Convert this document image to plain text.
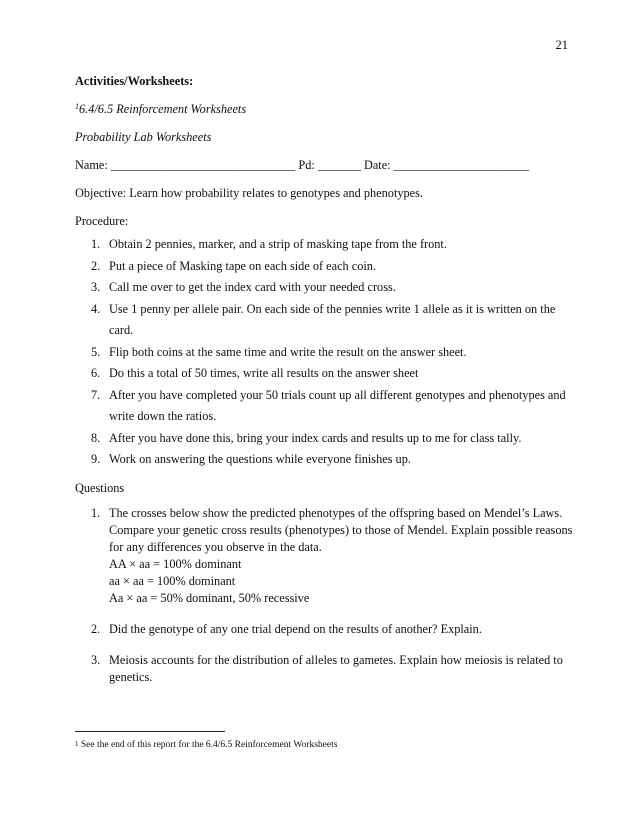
21
Activities/Worksheets:
$^1$6.4/6.5 Reinforcement Worksheets
Probability Lab Worksheets
Name: ______________________________ Pd: _______ Date: ______________________
Objective: Learn how probability relates to genotypes and phenotypes.
Procedure:
1. Obtain 2 pennies, marker, and a strip of masking tape from the front.
2. Put a piece of Masking tape on each side of each coin.
3. Call me over to get the index card with your needed cross.
4. Use 1 penny per allele pair. On each side of the pennies write 1 allele as it is written on the card.
5. Flip both coins at the same time and write the result on the answer sheet.
6. Do this a total of 50 times, write all results on the answer sheet
7. After you have completed your 50 trials count up all different genotypes and phenotypes and write down the ratios.
8. After you have done this, bring your index cards and results up to me for class tally.
9. Work on answering the questions while everyone finishes up.
Questions
1. The crosses below show the predicted phenotypes of the offspring based on Mendel’s Laws. Compare your genetic cross results (phenotypes) to those of Mendel. Explain possible reasons for any differences you observe in the data.
AA × aa = 100% dominant
aa × aa = 100% dominant
Aa × aa = 50% dominant, 50% recessive
2. Did the genotype of any one trial depend on the results of another? Explain.
3. Meiosis accounts for the distribution of alleles to gametes. Explain how meiosis is related to genetics.
$^1$ See the end of this report for the 6.4/6.5 Reinforcement Worksheets
